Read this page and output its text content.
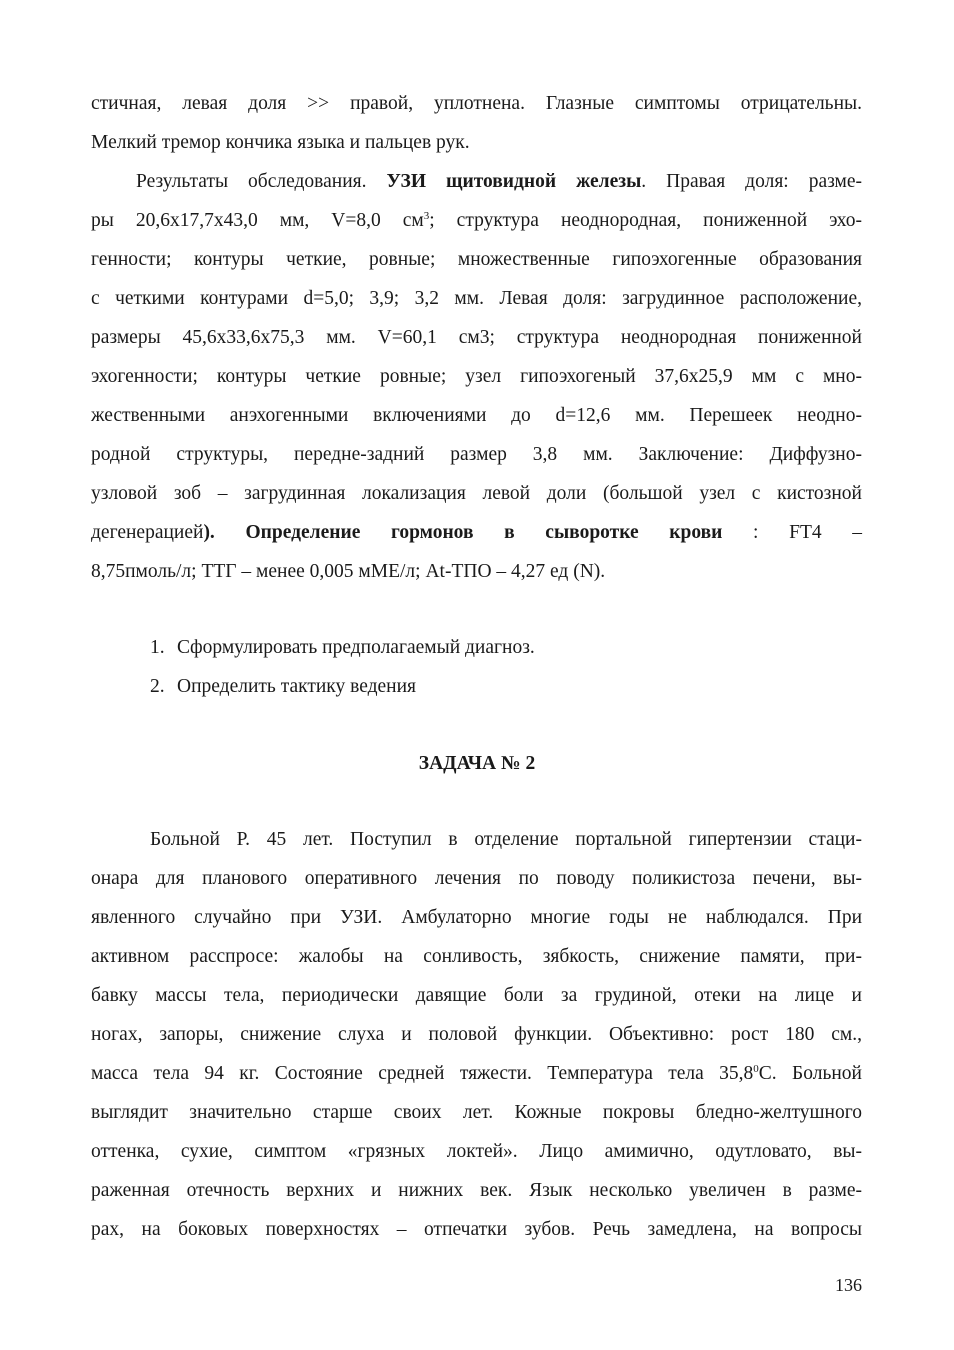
стичная, левая доля >> правой, уплотнена. Глазные симптомы отрицательны.
Мелкий тремор кончика языка и пальцев рук.
Результаты обследования. УЗИ щитовидной железы. Правая доля: разме-
ры 20,6х17,7х43,0 мм, V=8,0 $см^3$; структура неоднородная, пониженной эхо-
генности; контуры четкие, ровные; множественные гипоэхогенные образования
с четкими контурами d=5,0; 3,9; 3,2 мм. Левая доля: загрудинное расположение,
размеры 45,6х33,6х75,3 мм. V=60,1 см3; структура неоднородная пониженной
эхогенности; контуры четкие ровные; узел гипоэхогеный 37,6х25,9 мм с мно-
жественными анэхогенными включениями до d=12,6 мм. Перешеек неодно-
родной структуры, передне-задний размер 3,8 мм. Заключение: Диффузно-
узловой зоб – загрудинная локализация левой доли (большой узел с кистозной
дегенерацией). Определение гормонов в сыворотке крови : FT4 –
8,75пмоль/л; ТТГ – менее 0,005 мМЕ/л; At-ТПО – 4,27 ед (N).
1. Сформулировать предполагаемый диагноз.
2. Определить тактику ведения
ЗАДАЧА № 2
Больной Р. 45 лет. Поступил в отделение портальной гипертензии стаци-
онара для планового оперативного лечения по поводу поликистоза печени, вы-
явленного случайно при УЗИ. Амбулаторно многие годы не наблюдался. При
активном расспросе: жалобы на сонливость, зябкость, снижение памяти, при-
бавку массы тела, периодически давящие боли за грудиной, отеки на лице и
ногах, запоры, снижение слуха и половой функции. Объективно: рост 180 см.,
масса тела 94 кг. Состояние средней тяжести. Температура тела 35,8$^0$С. Больной
выглядит значительно старше своих лет. Кожные покровы бледно-желтушного
оттенка, сухие, симптом «грязных локтей». Лицо амимично, одутловато, вы-
раженная отечность верхних и нижних век. Язык несколько увеличен в разме-
рах, на боковых поверхностях – отпечатки зубов. Речь замедлена, на вопросы
136
